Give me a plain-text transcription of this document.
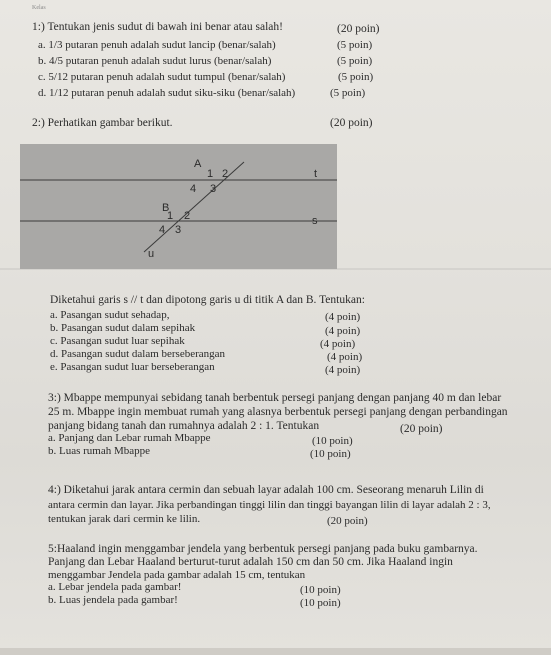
Kelas
1:) Tentukan jenis sudut di bawah ini benar atau salah!	(20 poin)
a. 1/3 putaran penuh adalah sudut lancip (benar/salah)	(5 poin)
b. 4/5 putaran penuh adalah sudut lurus (benar/salah)	(5 poin)
c. 5/12 putaran penuh adalah sudut tumpul (benar/salah)	(5 poin)
d. 1/12 putaran penuh adalah sudut siku-siku (benar/salah)	(5 poin)
2:) Perhatikan gambar berikut.	(20 poin)
A
1 2
4 3
t
B
1 2
4 3
s
u
Diketahui garis s // t dan dipotong garis u di titik A dan B. Tentukan:
a. Pasangan sudut sehadap,	(4 poin)
b. Pasangan sudut dalam sepihak	(4 poin)
c. Pasangan sudut luar sepihak	(4 poin)
d. Pasangan sudut dalam berseberangan	(4 poin)
e. Pasangan sudut luar berseberangan	(4 poin)
3:) Mbappe mempunyai sebidang tanah berbentuk persegi panjang dengan panjang 40 m dan lebar
25 m. Mbappe ingin membuat rumah yang alasnya berbentuk persegi panjang dengan perbandingan
panjang bidang tanah dan rumahnya adalah 2 : 1. Tentukan	(20 poin)
a. Panjang dan Lebar rumah Mbappe	(10 poin)
b. Luas rumah Mbappe	(10 poin)
4:) Diketahui jarak antara cermin dan sebuah layar adalah 100 cm. Seseorang menaruh Lilin di
antara cermin dan layar. Jika perbandingan tinggi lilin dan tinggi bayangan lilin di layar adalah 2 : 3,
tentukan jarak dari cermin ke lilin.	(20 poin)
5:Haaland ingin menggambar jendela yang berbentuk persegi panjang pada buku gambarnya.
Panjang dan Lebar Haaland berturut-turut adalah 150 cm dan 50 cm. Jika Haaland ingin
menggambar Jendela pada gambar adalah 15 cm, tentukan
a. Lebar jendela pada gambar!	(10 poin)
b. Luas jendela pada gambar!	(10 poin)
